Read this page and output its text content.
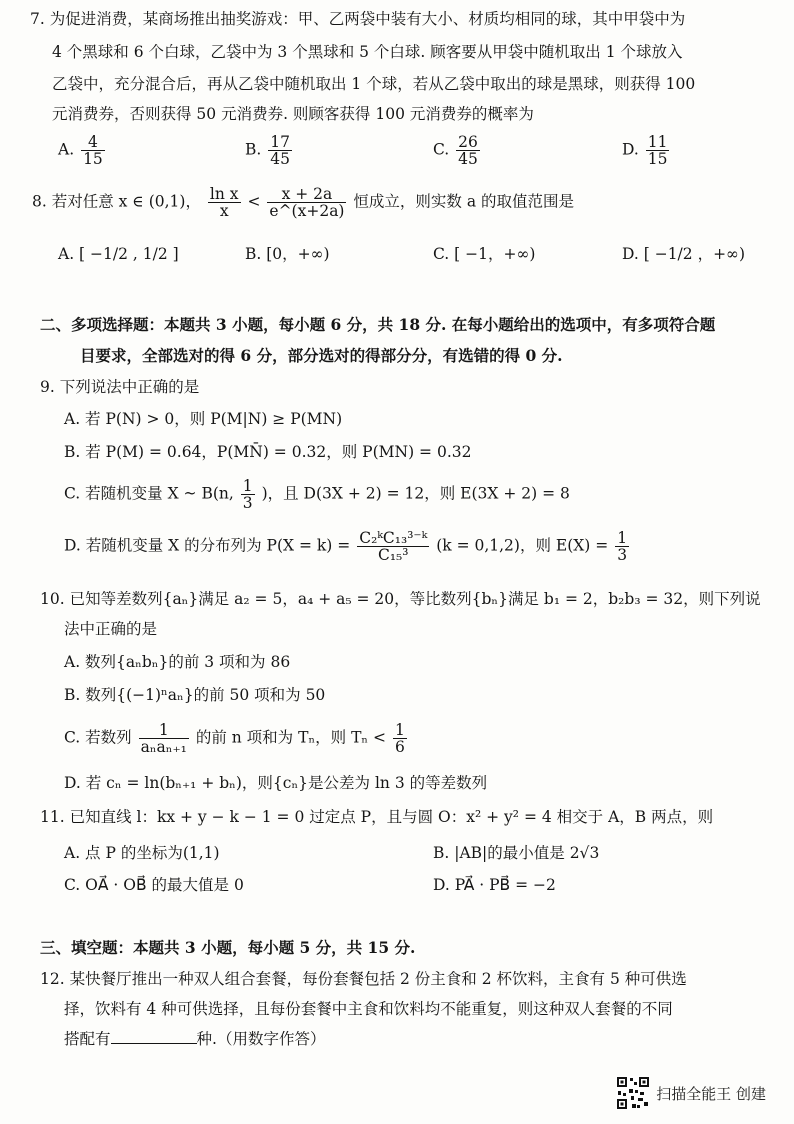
7. 为促进消费，某商场推出抽奖游戏：甲、乙两袋中装有大小、材质均相同的球，其中甲袋中为
4 个黑球和 6 个白球，乙袋中为 3 个黑球和 5 个白球. 顾客要从甲袋中随机取出 1 个球放入
乙袋中，充分混合后，再从乙袋中随机取出 1 个球，若从乙袋中取出的球是黑球，则获得 100
元消费券，否则获得 50 元消费券. 则顾客获得 100 元消费券的概率为
A. $\frac{4}{15}$	B. $\frac{17}{45}$	C. $\frac{26}{45}$	D. $\frac{11}{15}$
8. 若对任意 x ∈ (0,1)， $\frac{\text{ln x}}{x} < \frac{x + 2a}{e\^{}(x+2a)}$ 恒成立，则实数 a 的取值范围是
A. [ −1/2 , 1/2 ]	B. [0，+∞)	C. [ −1，+∞)	D. [ −1/2 ，+∞)
二、多项选择题：本题共 3 小题，每小题 6 分，共 18 分. 在每小题给出的选项中，有多项符合题
目要求，全部选对的得 6 分，部分选对的得部分分，有选错的得 0 分.
9. 下列说法中正确的是
A. 若 P(N) > 0，则 P(M|N) ≥ P(MN)
B. 若 P(M) = 0.64，P(MN̄) = 0.32，则 P(MN) = 0.32
C. 若随机变量 X ~ B(n, $\frac{1}{3}$ )，且 D(3X + 2) = 12，则 E(3X + 2) = 8
D. 若随机变量 X 的分布列为 $P(X = k) = \frac{\text{C₂ᵏC₁₃³⁻ᵏ}}{\text{C₁₅³}} (k = 0,1,2)$，则 $E(X) = \frac{1}{3}$
10. 已知等差数列{aₙ}满足 a₂ = 5，a₄ + a₅ = 20，等比数列{bₙ}满足 b₁ = 2，b₂b₃ = 32，则下列说
法中正确的是
A. 数列{aₙbₙ}的前 3 项和为 86
B. 数列{(−1)ⁿaₙ}的前 50 项和为 50
C. 若数列 $\frac{1}{\text{aₙaₙ₊₁}}$ 的前 n 项和为 Tₙ，则 $T_n < \frac{1}{6}$
D. 若 cₙ = ln(bₙ₊₁ + bₙ)，则{cₙ}是公差为 ln 3 的等差数列
11. 已知直线 l：kx + y − k − 1 = 0 过定点 P，且与圆 O：x² + y² = 4 相交于 A，B 两点，则
A. 点 P 的坐标为(1,1)	B. |AB|的最小值是 2√3
C. OA⃗ · OB⃗ 的最大值是 0	D. PA⃗ · PB⃗ = −2
三、填空题：本题共 3 小题，每小题 5 分，共 15 分.
12. 某快餐厅推出一种双人组合套餐，每份套餐包括 2 份主食和 2 杯饮料，主食有 5 种可供选
择，饮料有 4 种可供选择，且每份套餐中主食和饮料均不能重复，则这种双人套餐的不同
搭配有	种.（用数字作答）
扫描全能王 创建
